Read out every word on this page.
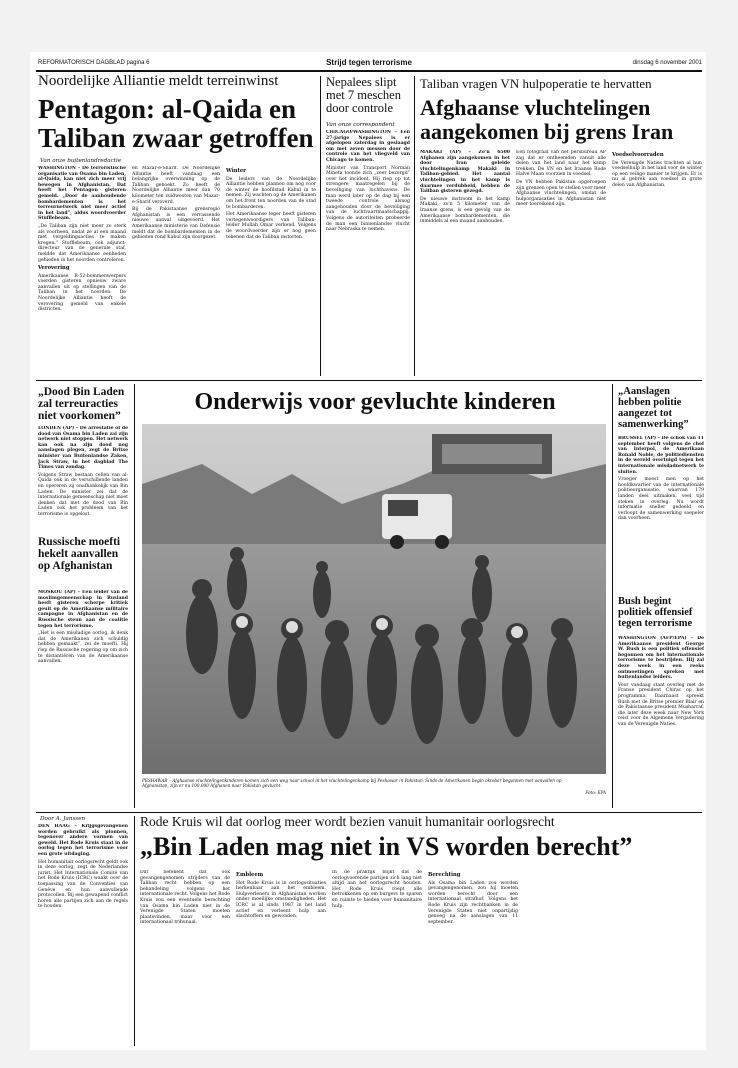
REFORMATORISCH DAGBLAD pagina 6	Strijd tegen terrorisme	dinsdag 6 november 2001
Noordelijke Alliantie meldt terreinwinst
Pentagon: al-Qaida en Taliban zwaar getroffen
Van onze buitenlandredactie

WASHINGTON – De terroristische organisatie van Osama bin Laden, al-Qaida, kan niet zich meer vrij bewegen in Afghanistan. Dat heeft het Pentagon gisteren gemeld. „Door de aanhoudende bombardementen is het terreurnetwerk niet meer actief in het land”, aldus woordvoerder Stufflebeam.

„De Taliban zijn niet meer zo sterk als voorheen, nadat ze al een maand met vergeldingsacties te maken kregen.” Stufflebeam, ook adjunct-directeur van de generale staf, meldde dat Amerikaanse eenheden gebieden in het noorden controleren.

Verovering

Amerikaanse B-52-bommenwerpers voerden gisteren opnieuw zware aanvallen uit op stellingen van de Taliban in het noorden. De Noordelijke Alliantie heeft de verovering gemeld van enkele districten.

en Mazar-e-Sharif. De Noordelijke Alliantie heeft vandaag een belangrijke overwinning op de Taliban geboekt. Zo heeft de Noordelijke Alliantie meer dan 70 kilometer ten zuidwesten van Mazar-e-Sharif veroverd.

Bij de Pakistaanse grensregio Afghanistan is een verrassende nieuwe aanval uitgevoerd. Het Amerikaanse ministerie van Defensie meldt dat de bombardementen in de gebieden rond Kabul zijn doorgezet.

Winter

De leiders van de Noordelijke Alliantie hebben plannen om nog voor de winter de hoofdstad Kabul in te nemen. Zij wachten op de Amerikanen om het front ten noorden van de stad te bombarderen.

Het Amerikaanse leger heeft gisteren vertegenwoordigers van Taliban-leider Mullah Omar verkend. Volgens de woordvoerder zijn er nog geen tekenen dat de Taliban instorten.

Nepalees slipt met 7 meschen door controle
Van onze correspondent

CHICAGO/WASHINGTON – Een 27-jarige Nepalees is er afgelopen zaterdag in geslaagd om met zeven messen door de controle van het vliegveld van Chicago te komen.

Minister van Transport Norman Mineta toonde zich „zeer bezorgd” over het incident. Hij riep op tot strengere maatregelen bij de beveiliging van luchthavens. De man werd later op de dag bij een tweede controle alsnog aangehouden door de beveiliging van de luchtvaartmaatschappij. Volgens de autoriteiten probeerde de man een binnenlandse vlucht naar Nebraska te nemen.

Taliban vragen VN hulpoperatie te hervatten
Afghaanse vluchtelingen aangekomen bij grens Iran

MAKAKI (AP) – Zo'n 6500 Afghanen zijn aangekomen in het door Iran geleide vluchtelingenkamp Makaki in Taliban-gebied. Het aantal vluchtelingen in het kamp is daarmee verdubbeld, hebben de Taliban gisteren gezegd.

De nieuwe instroom in het kamp Makaki, zo'n 5 kilometer van de Iraanse grens, is een gevolg van de Amerikaanse bombardementen, die inmiddels al een maand aanhouden.

Een fotograaf van het persbureau AP zag dat er ontheemden vanuit alle delen van het land naar het kamp trekken. De VN en het Iraanse Rode Halve Maan voorzien in voedsel.

De VN hebben Pakistan opgeroepen zijn grenzen open te stellen voor meer Afghaanse vluchtelingen, omdat de hulporganisaties in Afghanistan niet meer toereikend zijn.

Voedselvoorraden

De Verenigde Naties trachten al hun voedselhulp in het land voor de winter op een veilige manier te krijgen. Er is nu al gebrek aan voedsel in grote delen van Afghanistan.

„Dood Bin Laden zal terreuracties niet voorkomen”

LONDEN (AP) – De arrestatie of de dood van Osama bin Laden zal zijn netwerk niet stoppen. Het netwerk kan ook na zijn dood nog aanslagen plegen, zegt de Britse minister van Buitenlandse Zaken, Jack Straw, in het dagblad The Times van zondag.

Volgens Straw bestaan cellen van al-Qaida ook in de verschillende landen en opereren zij onafhankelijk van Bin Laden. De minister zei dat de internationale gemeenschap niet moet denken dat met de dood van Bin Laden ook het probleem van het terrorisme is opgelost.

Russische moefti hekelt aanvallen op Afghanistan

MOSKOU (AP) – Een leider van de moslimgemeenschap in Rusland heeft gisteren scherpe kritiek geuit op de Amerikaanse militaire campagne in Afghanistan en de Russische steun aan de coalitie tegen het terrorisme.

„Het is een misdadige oorlog, ik denk dat de Amerikanen zich schuldig hebben gemaakt”, zei de moefti. Hij riep de Russische regering op om zich te distantiëren van de Amerikaanse aanvallen.

Onderwijs voor gevluchte kinderen
PESHAWAR – Afghaanse vluchtelingenkinderen komen zich een weg naar school in het vluchtelingenkamp bij Peshawar in Pakistan. Sinds de Amerikanen begin oktober begonnen met aanvallen op Afghanistan, zijn er nu 100.000 Afghanen naar Pakistan gevlucht.
Foto: EPA
„Aanslagen hebben politie aangezet tot samenwerking”

BRUSSEL (AP) – De schok van 11 september heeft volgens de chef van Interpol, de Amerikaan Ronald Noble, de politiediensten in de wereld overtuigd tegen het internationale misdadnetwerk te sluiten.

Vroeger moest men op het hoofdkwartier van de internationale politieorganisatie, waarvan 179 landen deel uitmaken, veel tijd steken in overleg. Nu wordt informatie sneller gedeeld en verloopt de samenwerking soepeler dan voorheen.

Bush begint politiek offensief tegen terrorisme

WASHINGTON (AFP/EPA) – De Amerikaanse president George W. Bush is een politiek offensief begonnen om het internationale terrorisme te bestrijden. Hij zal deze week in een reeks ontmoetingen spreken met buitenlandse leiders.

Voor vandaag staat overleg met de Franse president Chirac op het programma. Daarnaast spreekt Bush met de Britse premier Blair en de Pakistaanse president Musharraf, die later deze week naar New York reist voor de Algemene Vergadering van de Verenigde Naties.

Door A. Janssen

DEN HAAG – Krijgsgevangenen worden gebruikt als pionnen, tegenover andere vormen van geweld. Het Rode Kruis staat in de oorlog tegen het terrorisme voor een grote uitdaging.

Het humanitair oorlogsrecht geldt ook in deze oorlog, zegt de Nederlandse jurist. Het Internationale Comité van het Rode Kruis (ICRC) waakt over de toepassing van de Conventies van Genève en hun aanvullende protocollen. Bij een gewapend conflict horen alle partijen zich aan de regels te houden.

Rode Kruis wil dat oorlog meer wordt bezien vanuit humanitair oorlogsrecht
„Bin Laden mag niet in VS worden berecht”

Dat betekent dat ook gevangengenomen strijders van de Taliban recht hebben op een behandeling volgens het internationale recht. Volgens het Rode Kruis zou een eventuele berechting van Osama bin Laden niet in de Verenigde Staten moeten plaatsvinden, maar voor een internationaal tribunaal.

Embleem

Het Rode Kruis is in oorlogssituaties herkenbaar aan het embleem. Hulpverleners in Afghanistan werken onder moeilijke omstandigheden. Het ICRC is al sinds 1987 in het land actief en verleent hulp aan slachtoffers en gewonden.

In de praktijk blijkt dat de oorlogvoerende partijen zich lang niet altijd aan het oorlogsrecht houden. Het Rode Kruis roept alle betrokkenen op om burgers te sparen en ruimte te bieden voor humanitaire hulp.

Berechting

Als Osama bin Laden zou worden gevangengenomen, zou hij moeten worden berecht door een internationaal strafhof. Volgens het Rode Kruis zijn rechtbanken in de Verenigde Staten niet onpartijdig genoeg na de aanslagen van 11 september.
